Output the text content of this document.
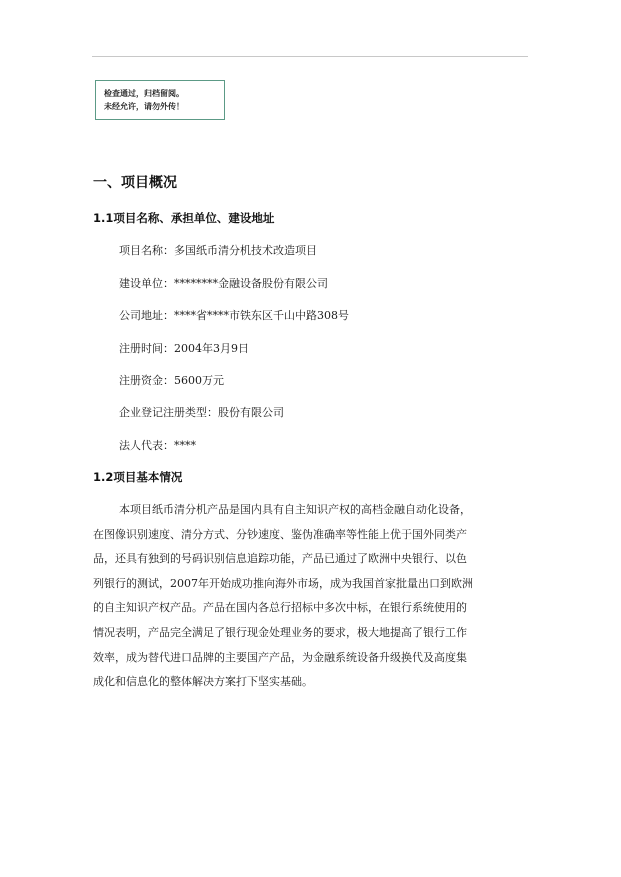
检查通过，归档留阅。
未经允许，请勿外传！
一、项目概况
1.1项目名称、承担单位、建设地址
项目名称：多国纸币清分机技术改造项目
建设单位：********金融设备股份有限公司
公司地址：****省****市铁东区千山中路308号
注册时间：2004年3月9日
注册资金：5600万元
企业登记注册类型：股份有限公司
法人代表：****
1.2项目基本情况
本项目纸币清分机产品是国内具有自主知识产权的高档金融自动化设备，
在图像识别速度、清分方式、分钞速度、鉴伪准确率等性能上优于国外同类产
品，还具有独到的号码识别信息追踪功能，产品已通过了欧洲中央银行、以色
列银行的测试，2007年开始成功推向海外市场，成为我国首家批量出口到欧洲
的自主知识产权产品。产品在国内各总行招标中多次中标，在银行系统使用的
情况表明，产品完全满足了银行现金处理业务的要求，极大地提高了银行工作
效率，成为替代进口品牌的主要国产产品，为金融系统设备升级换代及高度集
成化和信息化的整体解决方案打下坚实基础。
